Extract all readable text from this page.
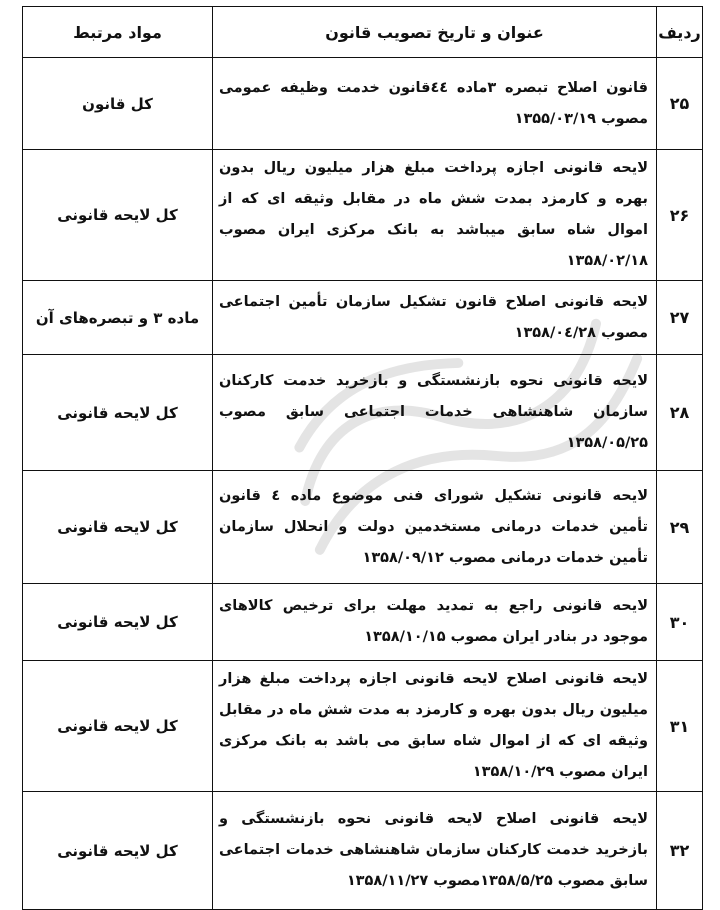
ردیف	عنوان و تاریخ تصویب قانون	مواد مرتبط
۲۵	قانون اصلاح تبصره ۳ماده ٤٤قانون خدمت وظیفه عمومی مصوب ۱۳۵۵/۰۳/۱۹	کل قانون
۲۶	لایحه قانونی اجازه پرداخت مبلغ هزار میلیون ریال بدون بهره و کارمزد بمدت شش ماه در مقابل وثیقه ای که از اموال شاه سابق میباشد به بانک مرکزی ایران مصوب ۱۳۵۸/۰۲/۱۸	کل لایحه قانونی
۲۷	لایحه قانونی اصلاح قانون تشکیل سازمان تأمین اجتماعی مصوب ۱۳۵۸/۰٤/۲۸	ماده ۳ و تبصره‌های آن
۲۸	لایحه قانونی نحوه بازنشستگی و بازخرید خدمت کارکنان سازمان شاهنشاهی خدمات اجتماعی سابق مصوب ۱۳۵۸/۰۵/۲۵	کل لایحه قانونی
۲۹	لایحه قانونی تشکیل شورای فنی موضوع ماده ٤ قانون تأمین خدمات درمانی مستخدمین دولت و انحلال سازمان تأمین خدمات درمانی مصوب ۱۳۵۸/۰۹/۱۲	کل لایحه قانونی
۳۰	لایحه قانونی راجع به تمدید مهلت برای ترخیص کالاهای موجود در بنادر ایران مصوب ۱۳۵۸/۱۰/۱۵	کل لایحه قانونی
۳۱	لایحه قانونی اصلاح لایحه قانونی اجازه پرداخت مبلغ هزار میلیون ریال بدون بهره و کارمزد به مدت شش ماه در مقابل وثیقه ای که از اموال شاه سابق می باشد به بانک مرکزی ایران مصوب ۱۳۵۸/۱۰/۲۹	کل لایحه قانونی
۳۲	لایحه قانونی اصلاح لایحه قانونی نحوه بازنشستگی و بازخرید خدمت کارکنان سازمان شاهنشاهی خدمات اجتماعی سابق مصوب ۱۳۵۸/۵/۲۵مصوب ۱۳۵۸/۱۱/۲۷	کل لایحه قانونی
